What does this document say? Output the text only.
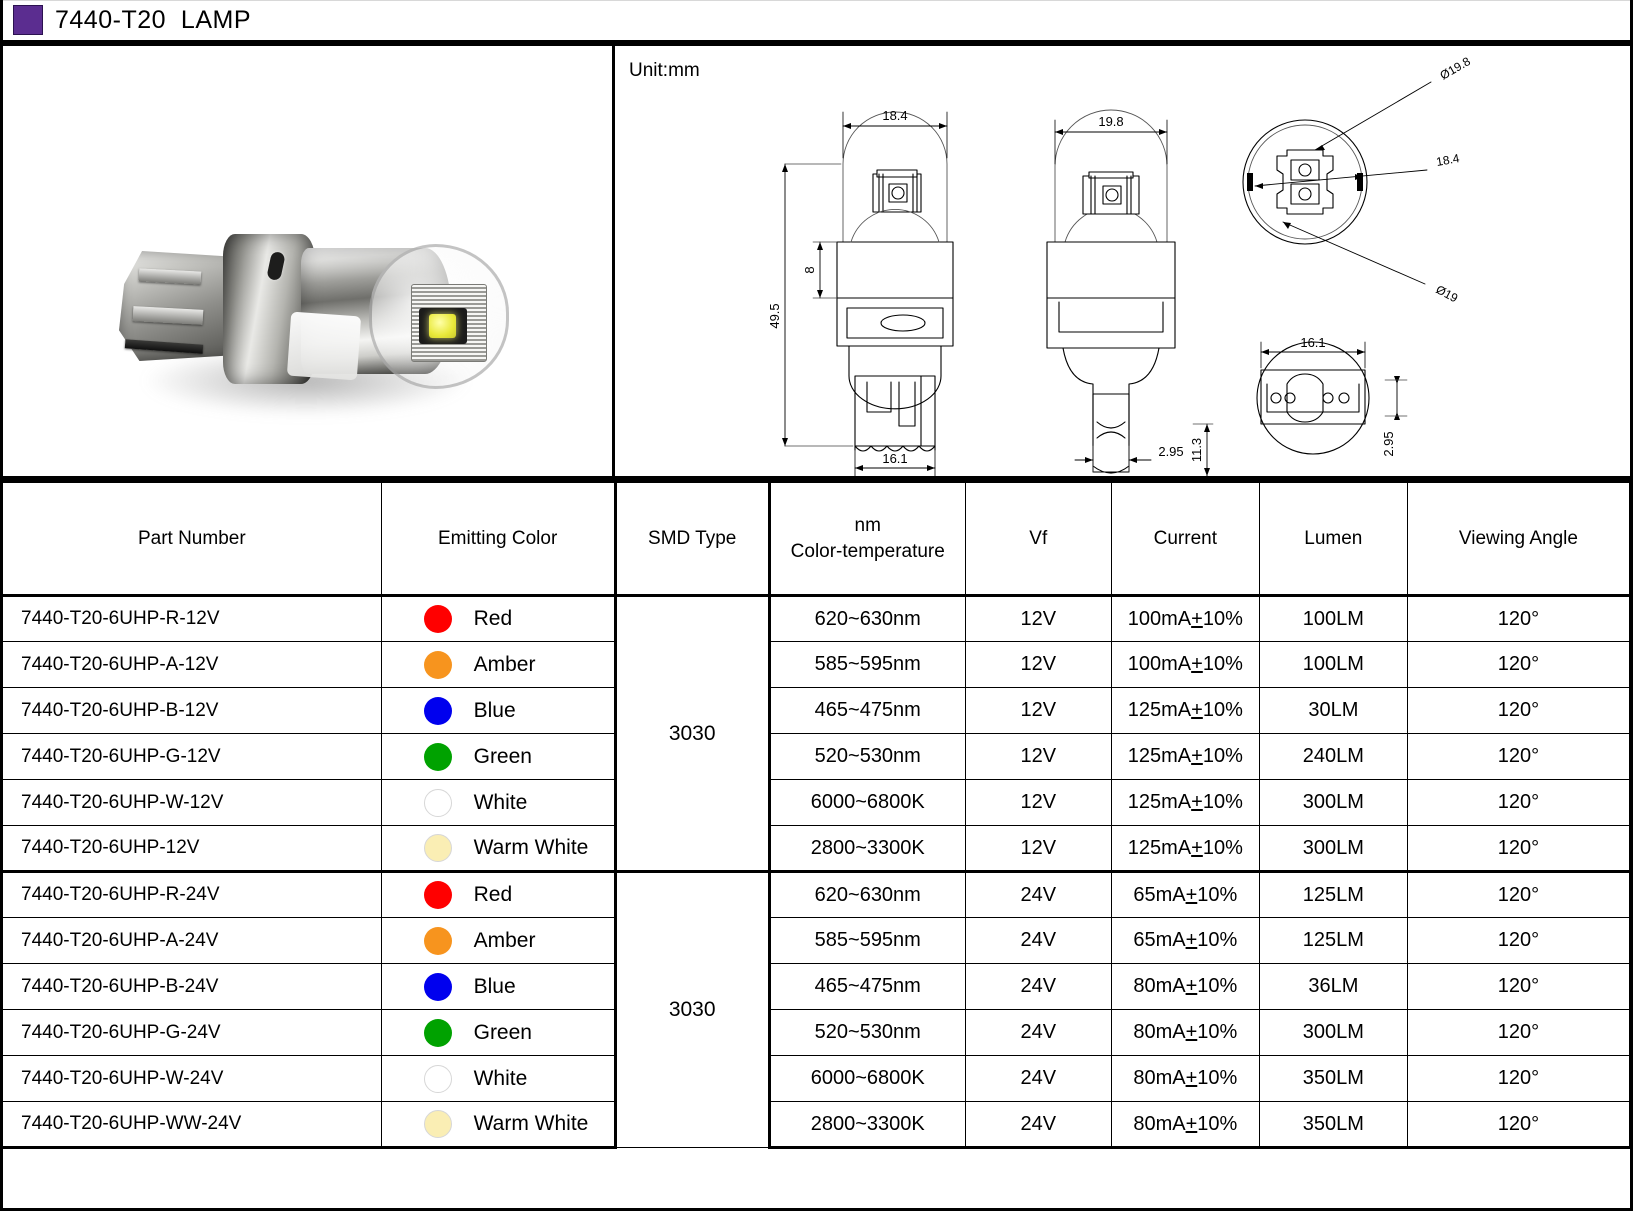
7440-T20  LAMP
Unit:mm
18.4
49.5
8
16.1
19.8
11.3
2.95
Ø19.8
18.4
Ø19
16.1
2.95
Part Number	Emitting Color	SMD Type	nm
Color-temperature	Vf	Current	Lumen	Viewing Angle
7440-T20-6UHP-R-12V	Red	3030	620~630nm	12V	100mA+10%	100LM	120°
7440-T20-6UHP-A-12V	Amber		585~595nm	12V	100mA+10%	100LM	120°
7440-T20-6UHP-B-12V	Blue		465~475nm	12V	125mA+10%	30LM	120°
7440-T20-6UHP-G-12V	Green		520~530nm	12V	125mA+10%	240LM	120°
7440-T20-6UHP-W-12V	White		6000~6800K	12V	125mA+10%	300LM	120°
7440-T20-6UHP-12V	Warm White		2800~3300K	12V	125mA+10%	300LM	120°
7440-T20-6UHP-R-24V	Red	3030	620~630nm	24V	65mA+10%	125LM	120°
7440-T20-6UHP-A-24V	Amber		585~595nm	24V	65mA+10%	125LM	120°
7440-T20-6UHP-B-24V	Blue		465~475nm	24V	80mA+10%	36LM	120°
7440-T20-6UHP-G-24V	Green		520~530nm	24V	80mA+10%	300LM	120°
7440-T20-6UHP-W-24V	White		6000~6800K	24V	80mA+10%	350LM	120°
7440-T20-6UHP-WW-24V	Warm White		2800~3300K	24V	80mA+10%	350LM	120°
